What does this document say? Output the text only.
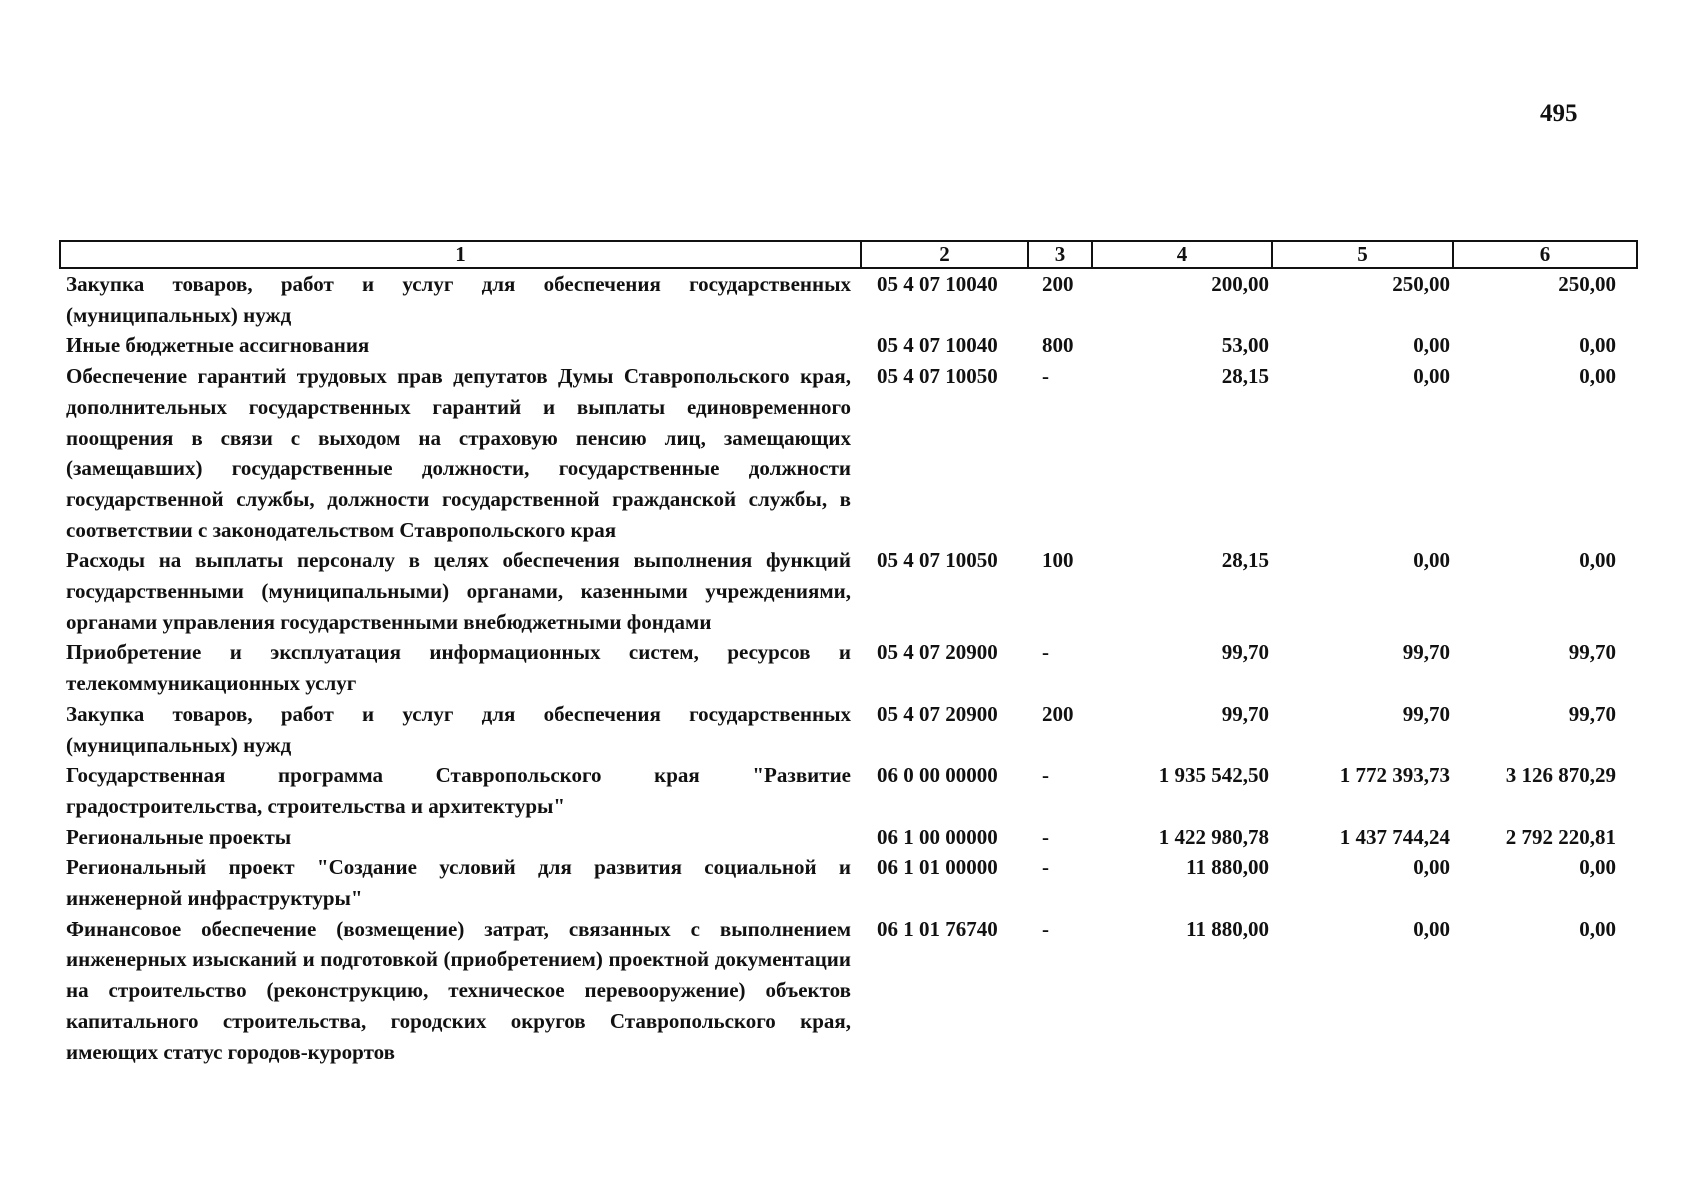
495
1	2	3	4	5	6
Закупка товаров, работ и услуг для обеспечения государственных (муниципальных) нужд	05 4 07 10040	200	200,00	250,00	250,00
Иные бюджетные ассигнования	05 4 07 10040	800	53,00	0,00	0,00
Обеспечение гарантий трудовых прав депутатов Думы Ставропольского края, дополнительных государственных гарантий и выплаты единовременного поощрения в связи с выходом на страховую пенсию лиц, замещающих (замещавших) государственные должности, государственные должности государственной службы, должности государственной гражданской службы, в соответствии с законодательством Ставропольского края	05 4 07 10050	-	28,15	0,00	0,00
Расходы на выплаты персоналу в целях обеспечения выполнения функций государственными (муниципальными) органами, казенными учреждениями, органами управления государственными внебюджетными фондами	05 4 07 10050	100	28,15	0,00	0,00
Приобретение и эксплуатация информационных систем, ресурсов и телекоммуникационных услуг	05 4 07 20900	-	99,70	99,70	99,70
Закупка товаров, работ и услуг для обеспечения государственных (муниципальных) нужд	05 4 07 20900	200	99,70	99,70	99,70
Государственная программа Ставропольского края "Развитие градостроительства, строительства и архитектуры"	06 0 00 00000	-	1 935 542,50	1 772 393,73	3 126 870,29
Региональные проекты	06 1 00 00000	-	1 422 980,78	1 437 744,24	2 792 220,81
Региональный проект "Создание условий для развития социальной и инженерной инфраструктуры"	06 1 01 00000	-	11 880,00	0,00	0,00
Финансовое обеспечение (возмещение) затрат, связанных с выполнением инженерных изысканий и подготовкой (приобретением) проектной документации на строительство (реконструкцию, техническое перевооружение) объектов капитального строительства, городских округов Ставропольского края, имеющих статус городов-курортов	06 1 01 76740	-	11 880,00	0,00	0,00
